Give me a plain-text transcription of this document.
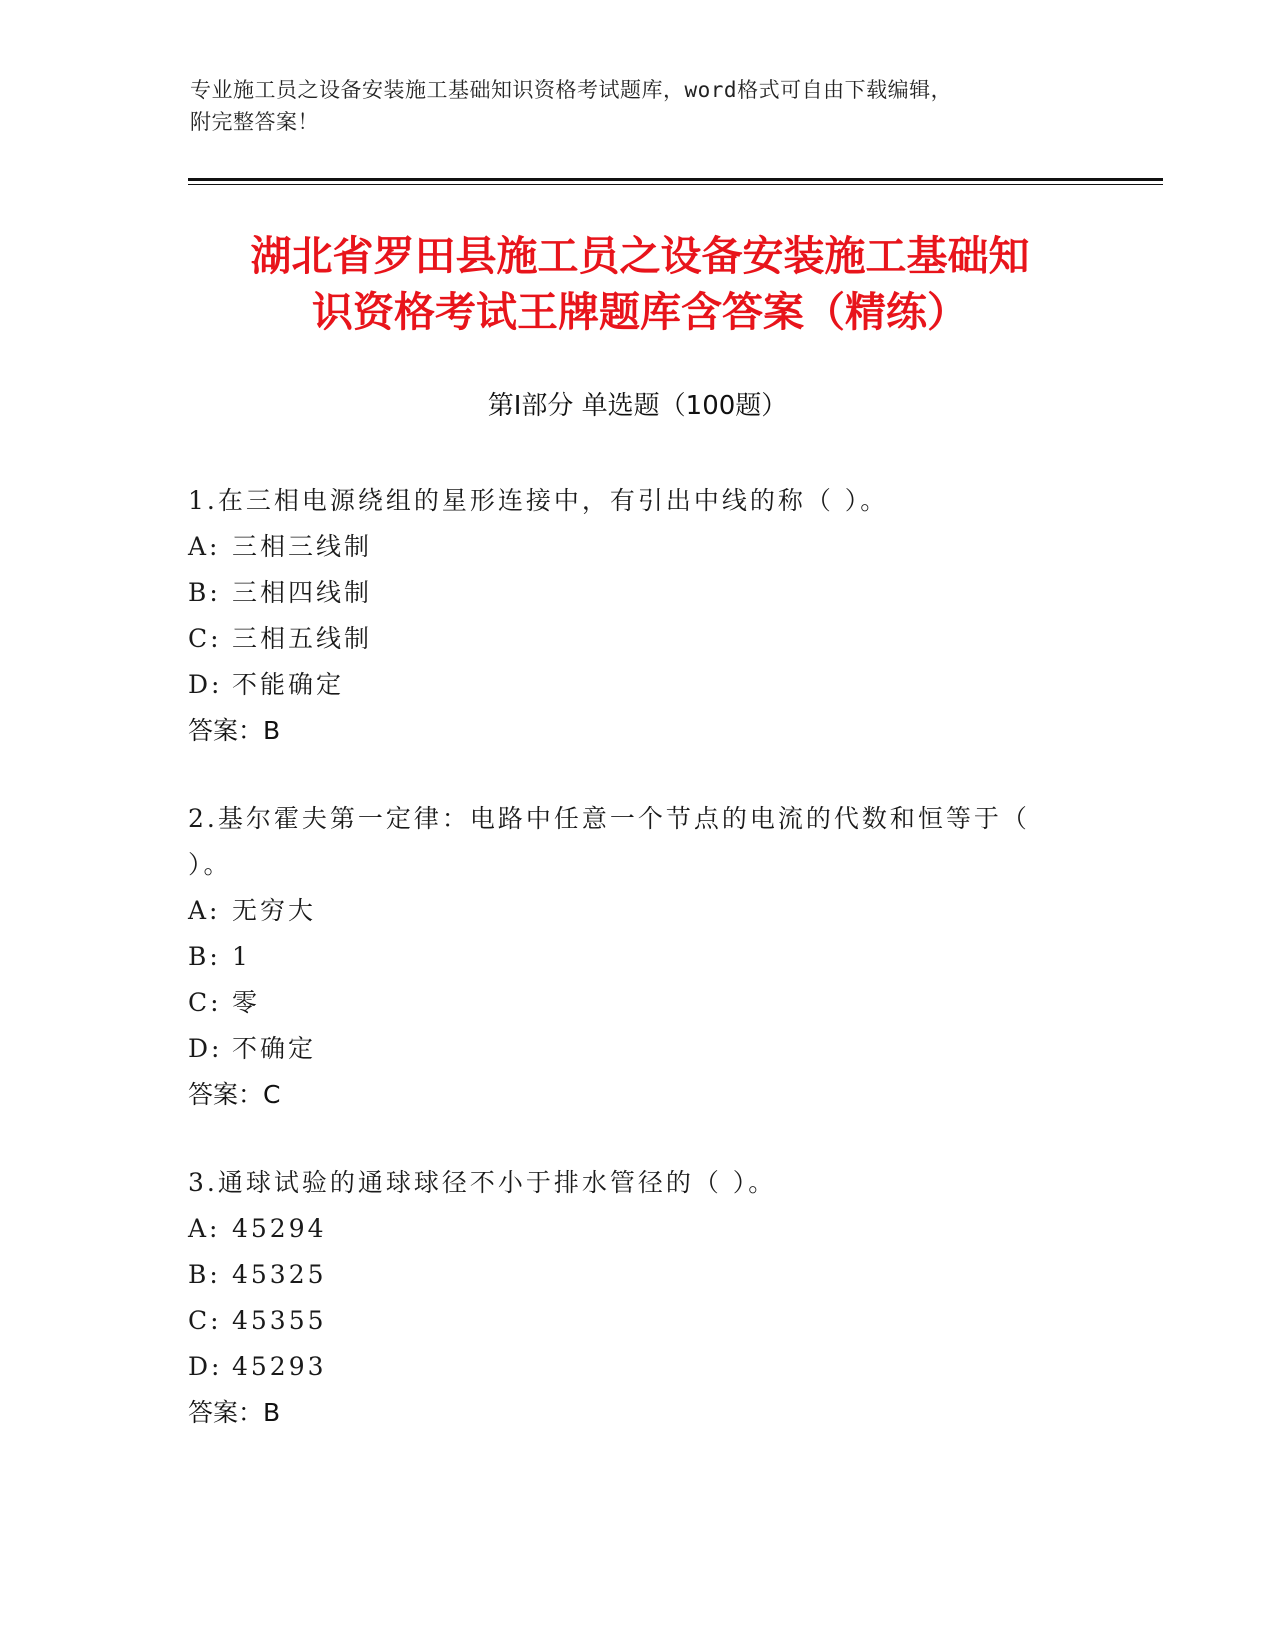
专业施工员之设备安装施工基础知识资格考试题库，word格式可自由下载编辑，
附完整答案！
湖北省罗田县施工员之设备安装施工基础知
识资格考试王牌题库含答案（精练）
第Ⅰ部分 单选题（100题）
1.在三相电源绕组的星形连接中，有引出中线的称（ ）。
A: 三相三线制
B: 三相四线制
C: 三相五线制
D: 不能确定
答案：B
2.基尔霍夫第一定律：电路中任意一个节点的电流的代数和恒等于（ ）。
A: 无穷大
B: 1
C: 零
D: 不确定
答案：C
3.通球试验的通球球径不小于排水管径的（ ）。
A: 45294
B: 45325
C: 45355
D: 45293
答案：B
